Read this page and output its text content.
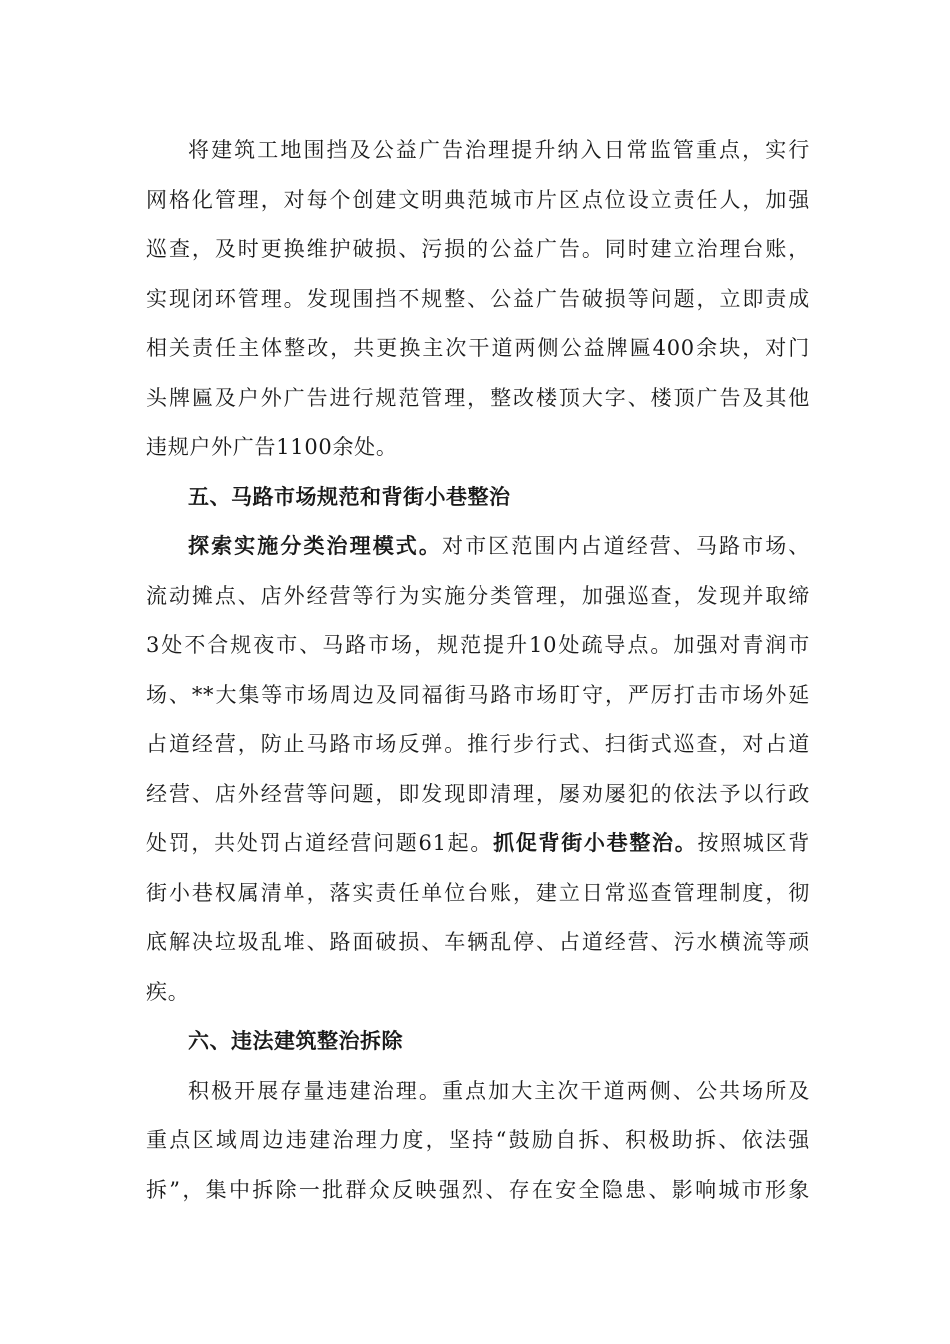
将建筑工地围挡及公益广告治理提升纳入日常监管重点，实行
网格化管理，对每个创建文明典范城市片区点位设立责任人，加强
巡查，及时更换维护破损、污损的公益广告。同时建立治理台账，
实现闭环管理。发现围挡不规整、公益广告破损等问题，立即责成
相关责任主体整改，共更换主次干道两侧公益牌匾400余块，对门
头牌匾及户外广告进行规范管理，整改楼顶大字、楼顶广告及其他
违规户外广告1100余处。
五、马路市场规范和背街小巷整治
探索实施分类治理模式。对市区范围内占道经营、马路市场、
流动摊点、店外经营等行为实施分类管理，加强巡查，发现并取缔
3处不合规夜市、马路市场，规范提升10处疏导点。加强对青润市
场、**大集等市场周边及同福街马路市场盯守，严厉打击市场外延
占道经营，防止马路市场反弹。推行步行式、扫街式巡查，对占道
经营、店外经营等问题，即发现即清理，屡劝屡犯的依法予以行政
处罚，共处罚占道经营问题61起。抓促背街小巷整治。按照城区背
街小巷权属清单，落实责任单位台账，建立日常巡查管理制度，彻
底解决垃圾乱堆、路面破损、车辆乱停、占道经营、污水横流等顽
疾。
六、违法建筑整治拆除
积极开展存量违建治理。重点加大主次干道两侧、公共场所及
重点区域周边违建治理力度，坚持“鼓励自拆、积极助拆、依法强
拆”，集中拆除一批群众反映强烈、存在安全隐患、影响城市形象
